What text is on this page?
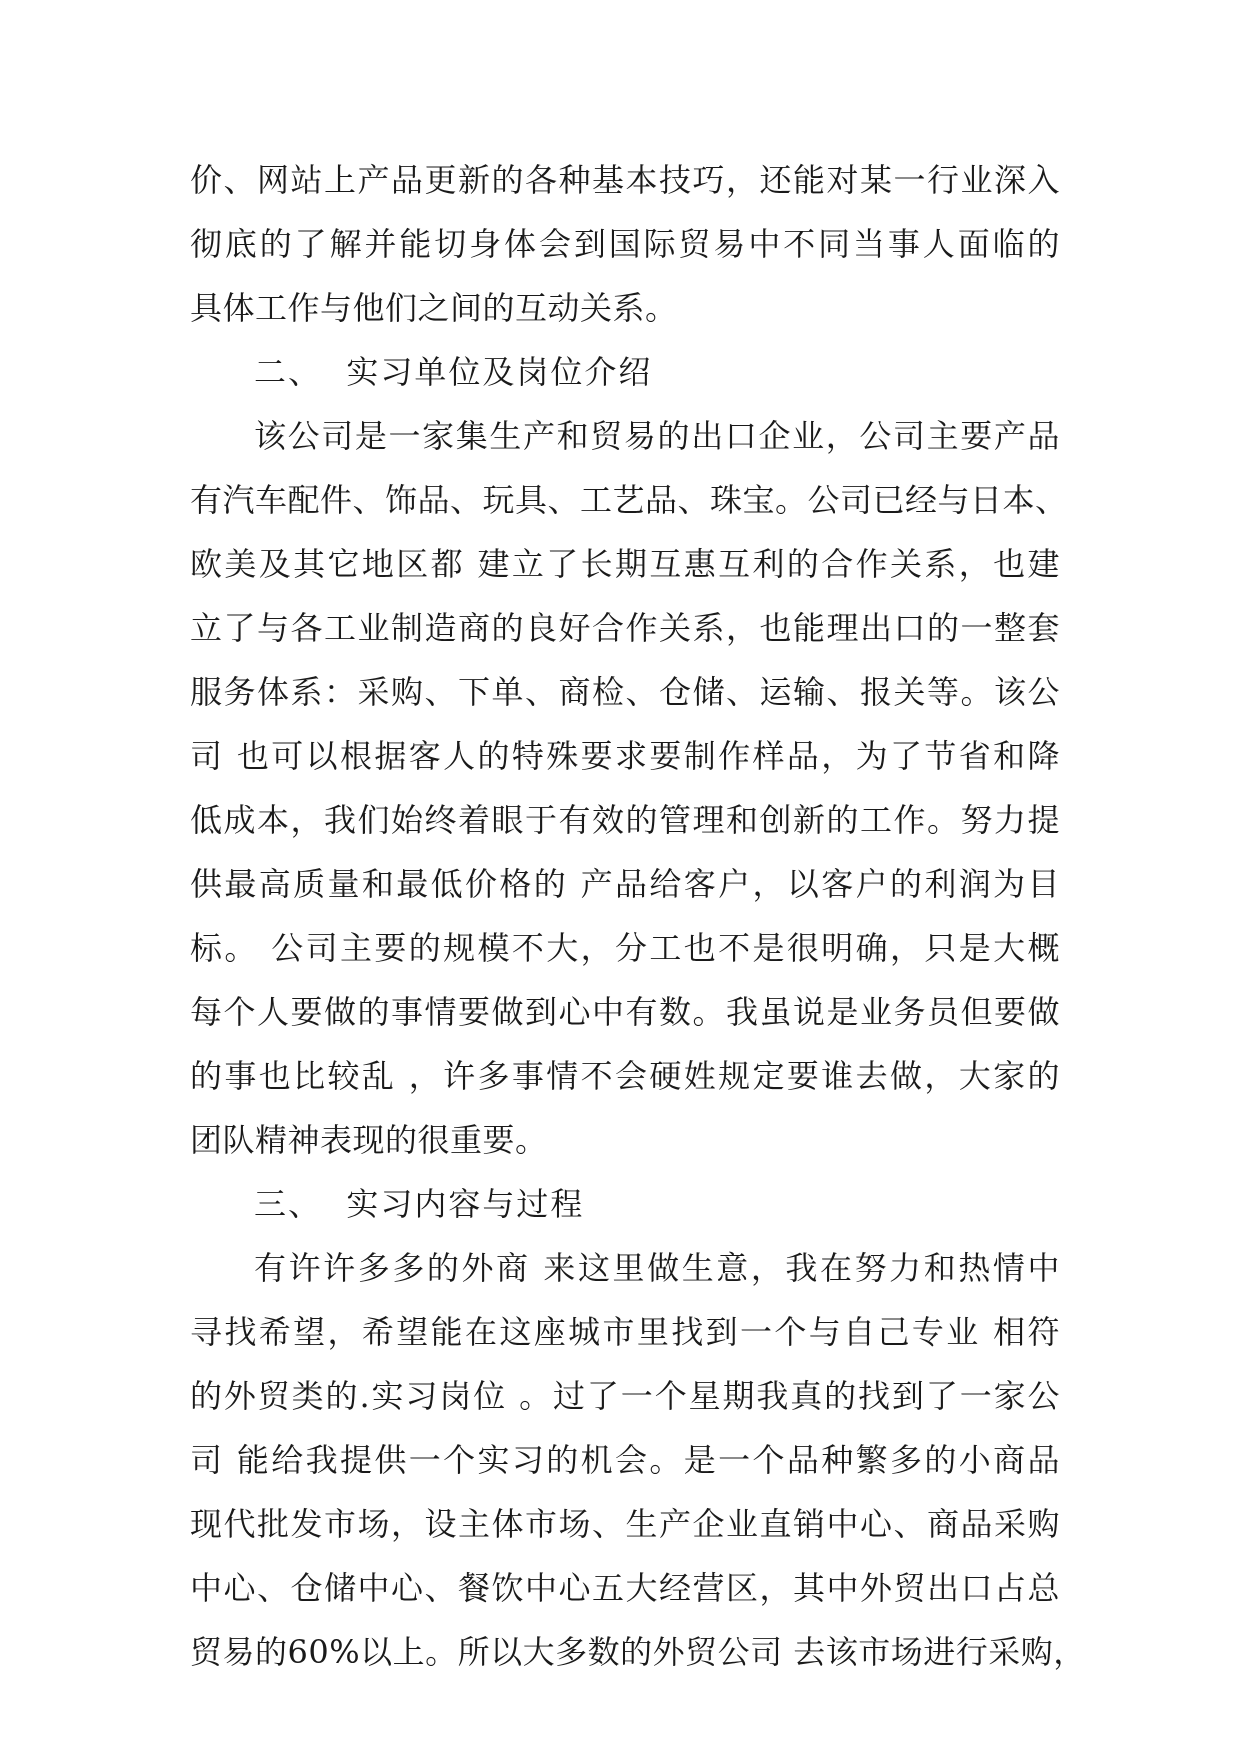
价、网站上产品更新的各种基本技巧，还能对某一行业深入
彻底的了解并能切身体会到国际贸易中不同当事人面临的
具体工作与他们之间的互动关系。
二、  实习单位及岗位介绍
该公司是一家集生产和贸易的出口企业，公司主要产品
有汽车配件、饰品、玩具、工艺品、珠宝。公司已经与日本、
欧美及其它地区都 建立了长期互惠互利的合作关系，也建
立了与各工业制造商的良好合作关系，也能理出口的一整套
服务体系：采购、下单、商检、仓储、运输、报关等。该公
司 也可以根据客人的特殊要求要制作样品，为了节省和降
低成本，我们始终着眼于有效的管理和创新的工作。努力提
供最高质量和最低价格的 产品给客户，以客户的利润为目
标。 公司主要的规模不大，分工也不是很明确，只是大概
每个人要做的事情要做到心中有数。我虽说是业务员但要做
的事也比较乱 ，许多事情不会硬姓规定要谁去做，大家的
团队精神表现的很重要。
三、  实习内容与过程
有许许多多的外商 来这里做生意，我在努力和热情中
寻找希望，希望能在这座城市里找到一个与自己专业 相符
的外贸类的.实习岗位 。过了一个星期我真的找到了一家公
司 能给我提供一个实习的机会。是一个品种繁多的小商品
现代批发市场，设主体市场、生产企业直销中心、商品采购
中心、仓储中心、餐饮中心五大经营区，其中外贸出口占总
贸易的60%以上。所以大多数的外贸公司 去该市场进行采购，
